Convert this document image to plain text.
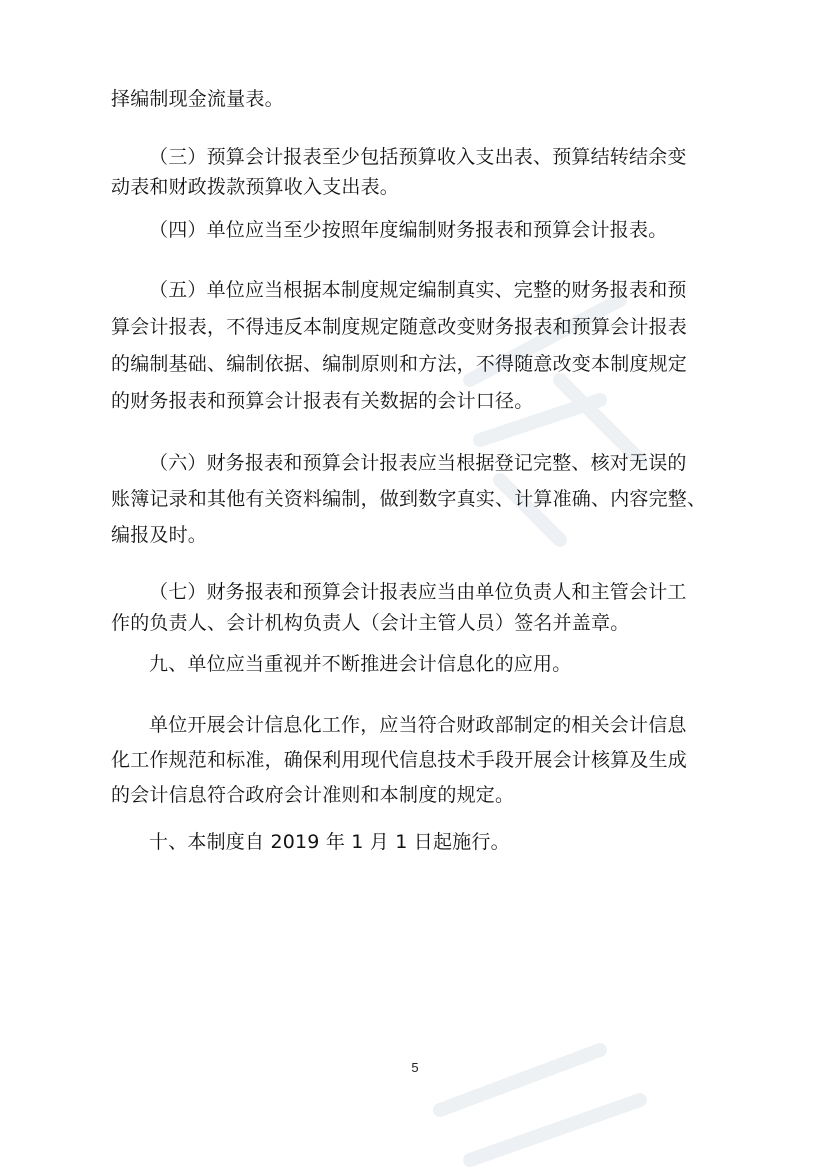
择编制现金流量表。

（三）预算会计报表至少包括预算收入支出表、预算结转结余变

动表和财政拨款预算收入支出表。

（四）单位应当至少按照年度编制财务报表和预算会计报表。

（五）单位应当根据本制度规定编制真实、完整的财务报表和预

算会计报表，不得违反本制度规定随意改变财务报表和预算会计报表

的编制基础、编制依据、编制原则和方法，不得随意改变本制度规定

的财务报表和预算会计报表有关数据的会计口径。

（六）财务报表和预算会计报表应当根据登记完整、核对无误的

账簿记录和其他有关资料编制，做到数字真实、计算准确、内容完整、

编报及时。

（七）财务报表和预算会计报表应当由单位负责人和主管会计工

作的负责人、会计机构负责人（会计主管人员）签名并盖章。

九、单位应当重视并不断推进会计信息化的应用。

单位开展会计信息化工作，应当符合财政部制定的相关会计信息

化工作规范和标准，确保利用现代信息技术手段开展会计核算及生成

的会计信息符合政府会计准则和本制度的规定。

十、本制度自 2019 年 1 月 1 日起施行。

5
